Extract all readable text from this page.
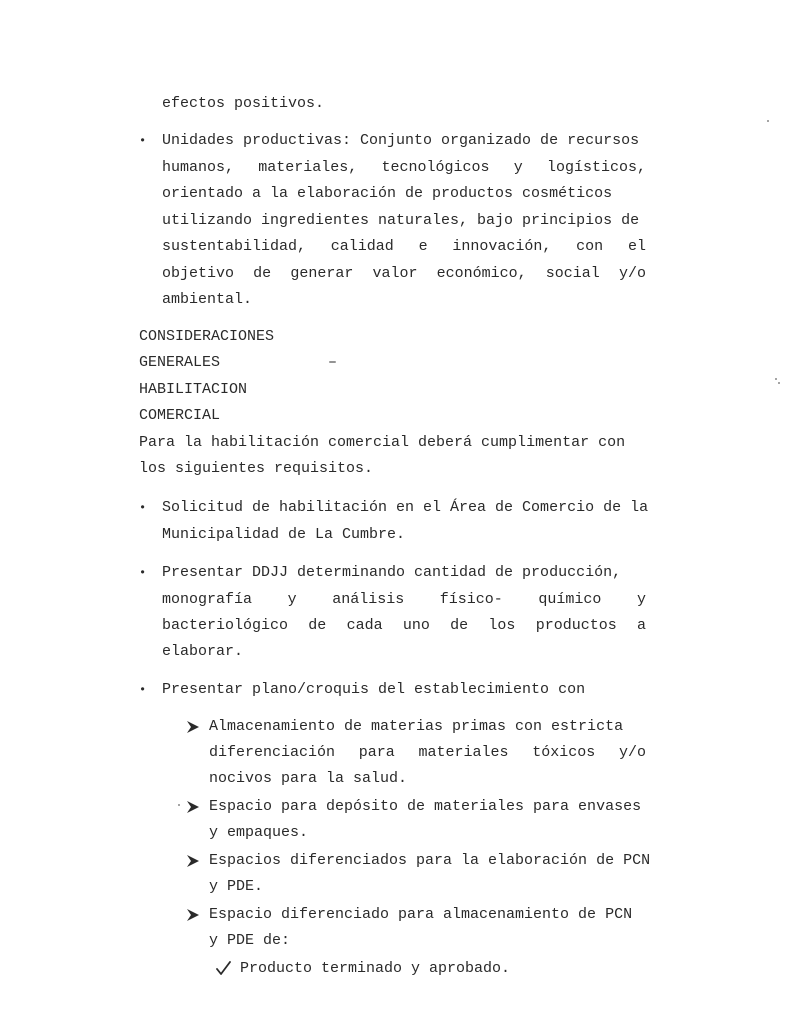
efectos positivos.
• Unidades productivas: Conjunto organizado de recursos
humanos, materiales, tecnológicos y logísticos,
orientado a la elaboración de productos cosméticos
utilizando ingredientes naturales, bajo principios de
sustentabilidad, calidad e innovación, con el
objetivo de generar valor económico, social y/o
ambiental.
CONSIDERACIONES
GENERALES	–
HABILITACION
COMERCIAL
Para la habilitación comercial deberá cumplimentar con
los siguientes requisitos.
• Solicitud de habilitación en el Área de Comercio de la
Municipalidad de La Cumbre.
• Presentar DDJJ determinando cantidad de producción,
monografía y análisis físico- químico y
bacteriológico de cada uno de los productos a
elaborar.
• Presentar plano/croquis del establecimiento con
Almacenamiento de materias primas con estricta
diferenciación para materiales tóxicos y/o
nocivos para la salud.
Espacio para depósito de materiales para envases
y empaques.
Espacios diferenciados para la elaboración de PCN
y PDE.
Espacio diferenciado para almacenamiento de PCN
y PDE de:
Producto terminado y aprobado.
